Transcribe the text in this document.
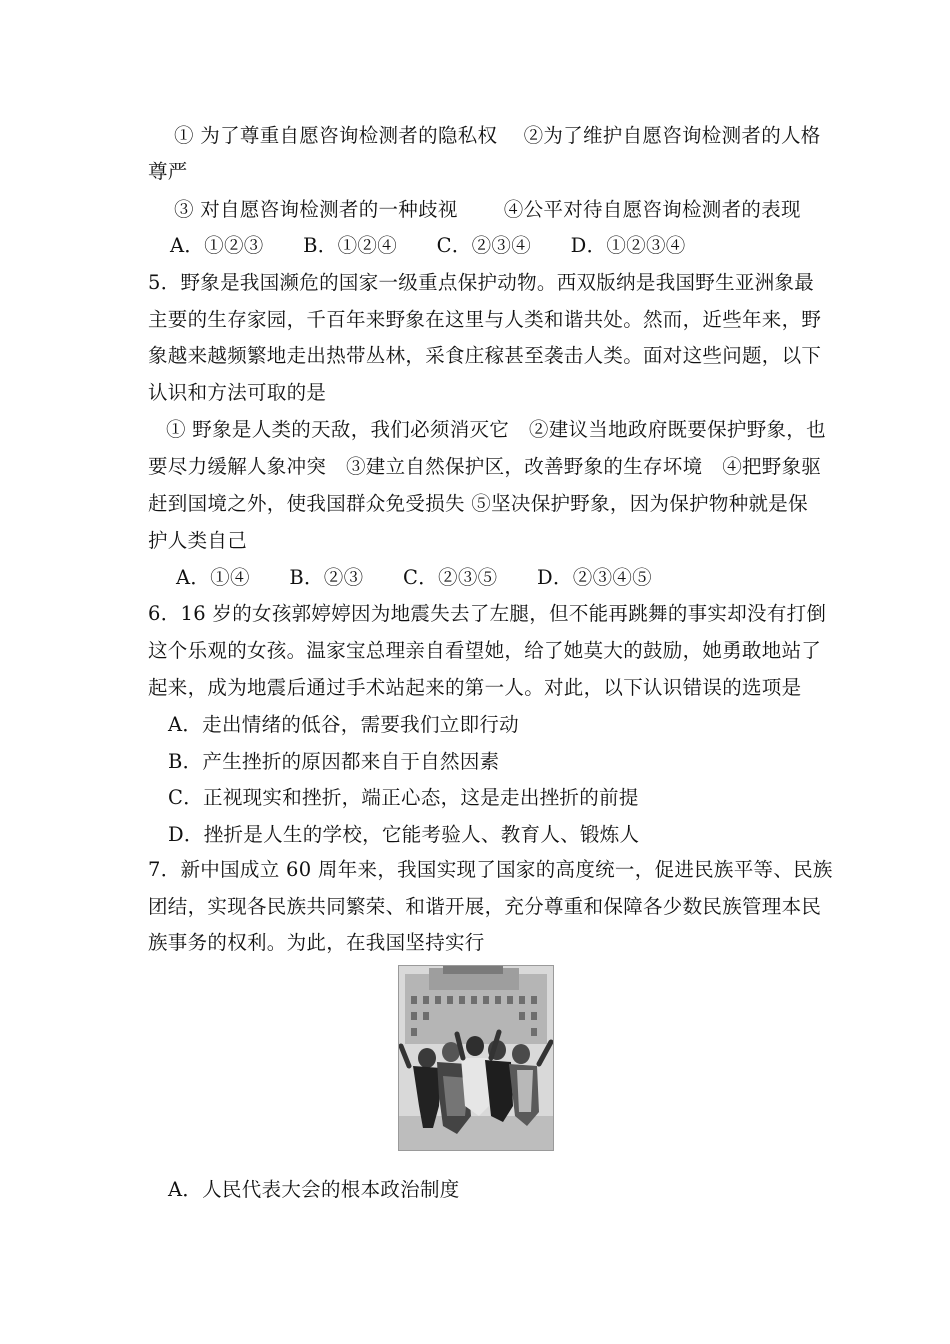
① 为了尊重自愿咨询检测者的隐私权　 ②为了维护自愿咨询检测者的人格
尊严
③ 对自愿咨询检测者的一种歧视　　 ④公平对待自愿咨询检测者的表现
A．①②③　　B．①②④　　C．②③④　　D．①②③④
5．野象是我国濒危的国家一级重点保护动物。西双版纳是我国野生亚洲象最
主要的生存家园，千百年来野象在这里与人类和谐共处。然而，近些年来，野
象越来越频繁地走出热带丛林，采食庄稼甚至袭击人类。面对这些问题，以下
认识和方法可取的是
① 野象是人类的天敌，我们必须消灭它　②建议当地政府既要保护野象，也
要尽力缓解人象冲突　③建立自然保护区，改善野象的生存坏境　④把野象驱
赶到国境之外，使我国群众免受损失 ⑤坚决保护野象，因为保护物种就是保
护人类自己
A．①④　　B．②③　　C．②③⑤　　D．②③④⑤
6．16 岁的女孩郭婷婷因为地震失去了左腿，但不能再跳舞的事实却没有打倒
这个乐观的女孩。温家宝总理亲自看望她，给了她莫大的鼓励，她勇敢地站了
起来，成为地震后通过手术站起来的第一人。对此，以下认识错误的选项是
A．走出情绪的低谷，需要我们立即行动
B．产生挫折的原因都来自于自然因素
C．正视现实和挫折，端正心态，这是走出挫折的前提
D．挫折是人生的学校，它能考验人、教育人、锻炼人
7．新中国成立 60 周年来，我国实现了国家的高度统一，促进民族平等、民族
团结，实现各民族共同繁荣、和谐开展，充分尊重和保障各少数民族管理本民
族事务的权利。为此，在我国坚持实行
A．人民代表大会的根本政治制度
